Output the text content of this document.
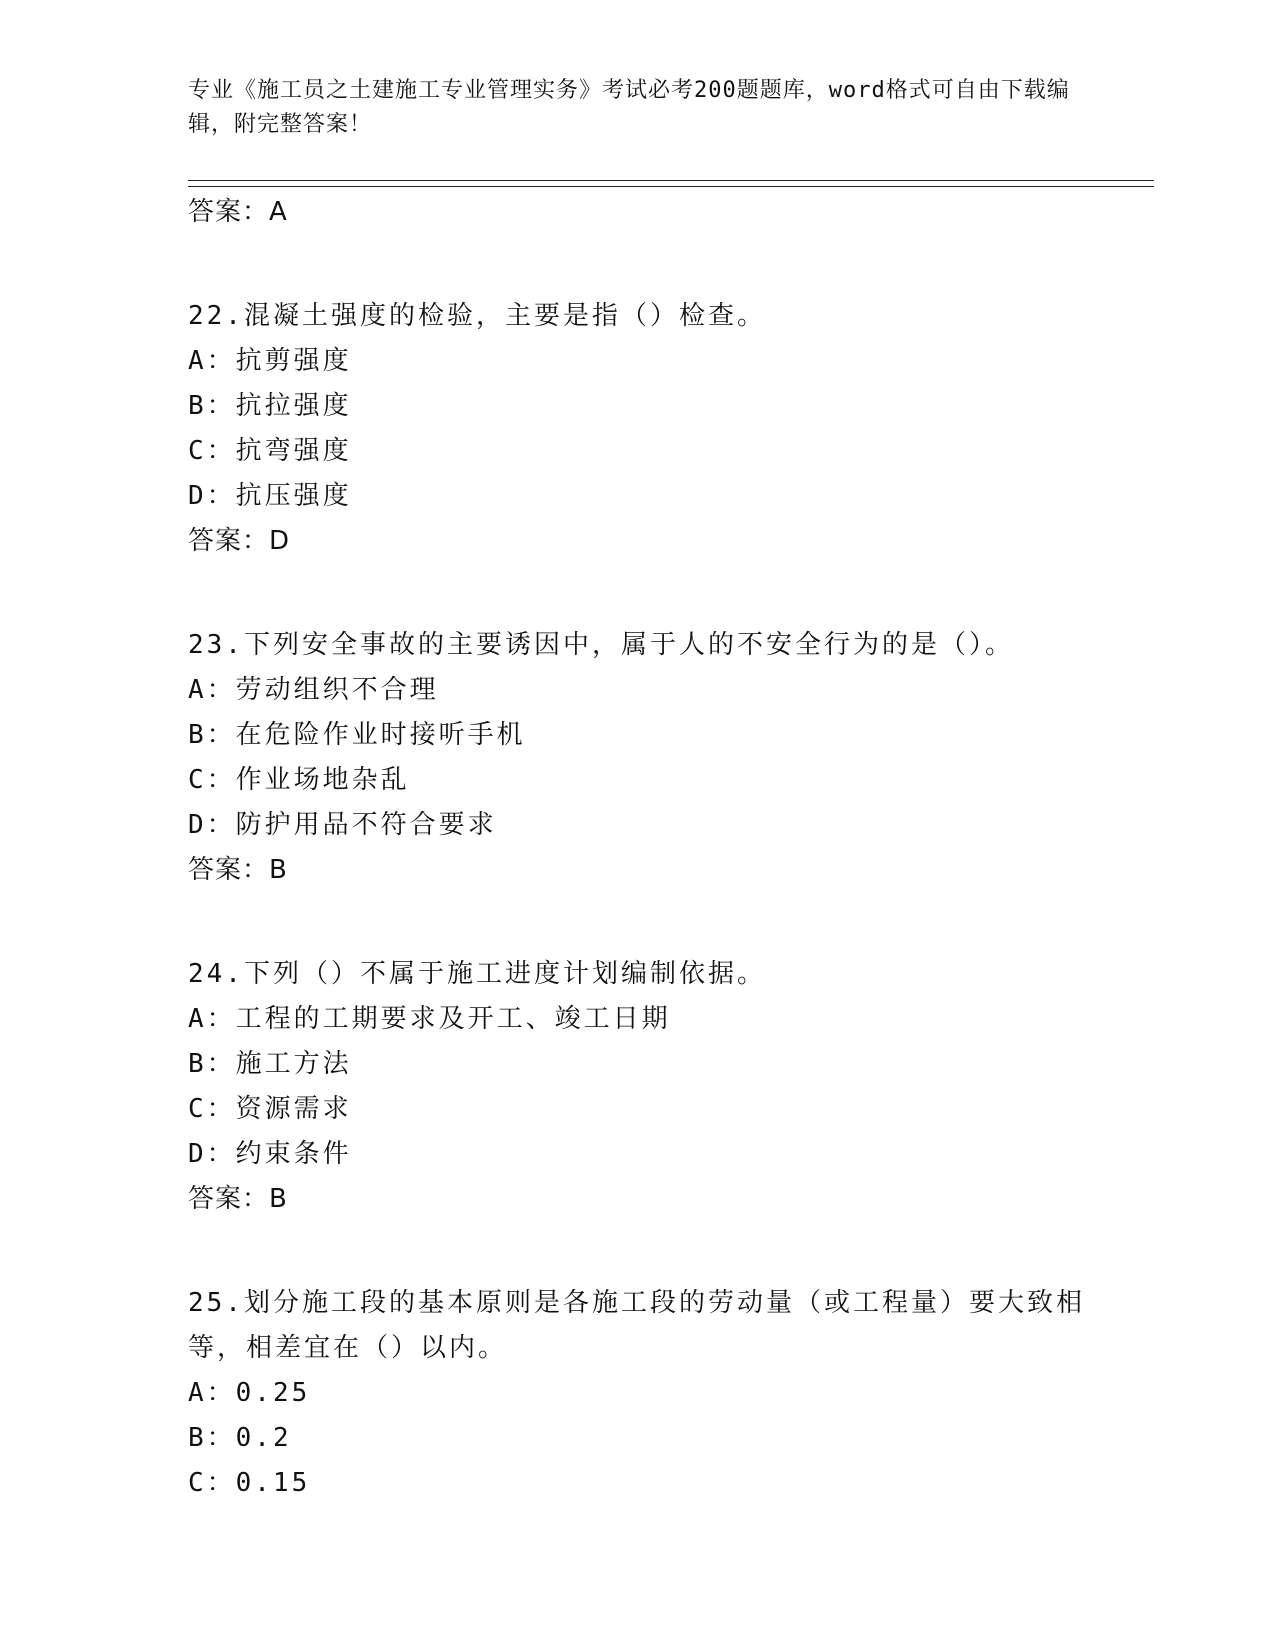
专业《施工员之土建施工专业管理实务》考试必考200题题库，word格式可自由下载编辑，附完整答案！
答案：A
22.混凝土强度的检验，主要是指（）检查。
A：抗剪强度
B：抗拉强度
C：抗弯强度
D：抗压强度
答案：D
23.下列安全事故的主要诱因中，属于人的不安全行为的是（）。
A：劳动组织不合理
B：在危险作业时接听手机
C：作业场地杂乱
D：防护用品不符合要求
答案：B
24.下列（）不属于施工进度计划编制依据。
A：工程的工期要求及开工、竣工日期
B：施工方法
C：资源需求
D：约束条件
答案：B
25.划分施工段的基本原则是各施工段的劳动量（或工程量）要大致相等，相差宜在（）以内。
A：0.25
B：0.2
C：0.15
